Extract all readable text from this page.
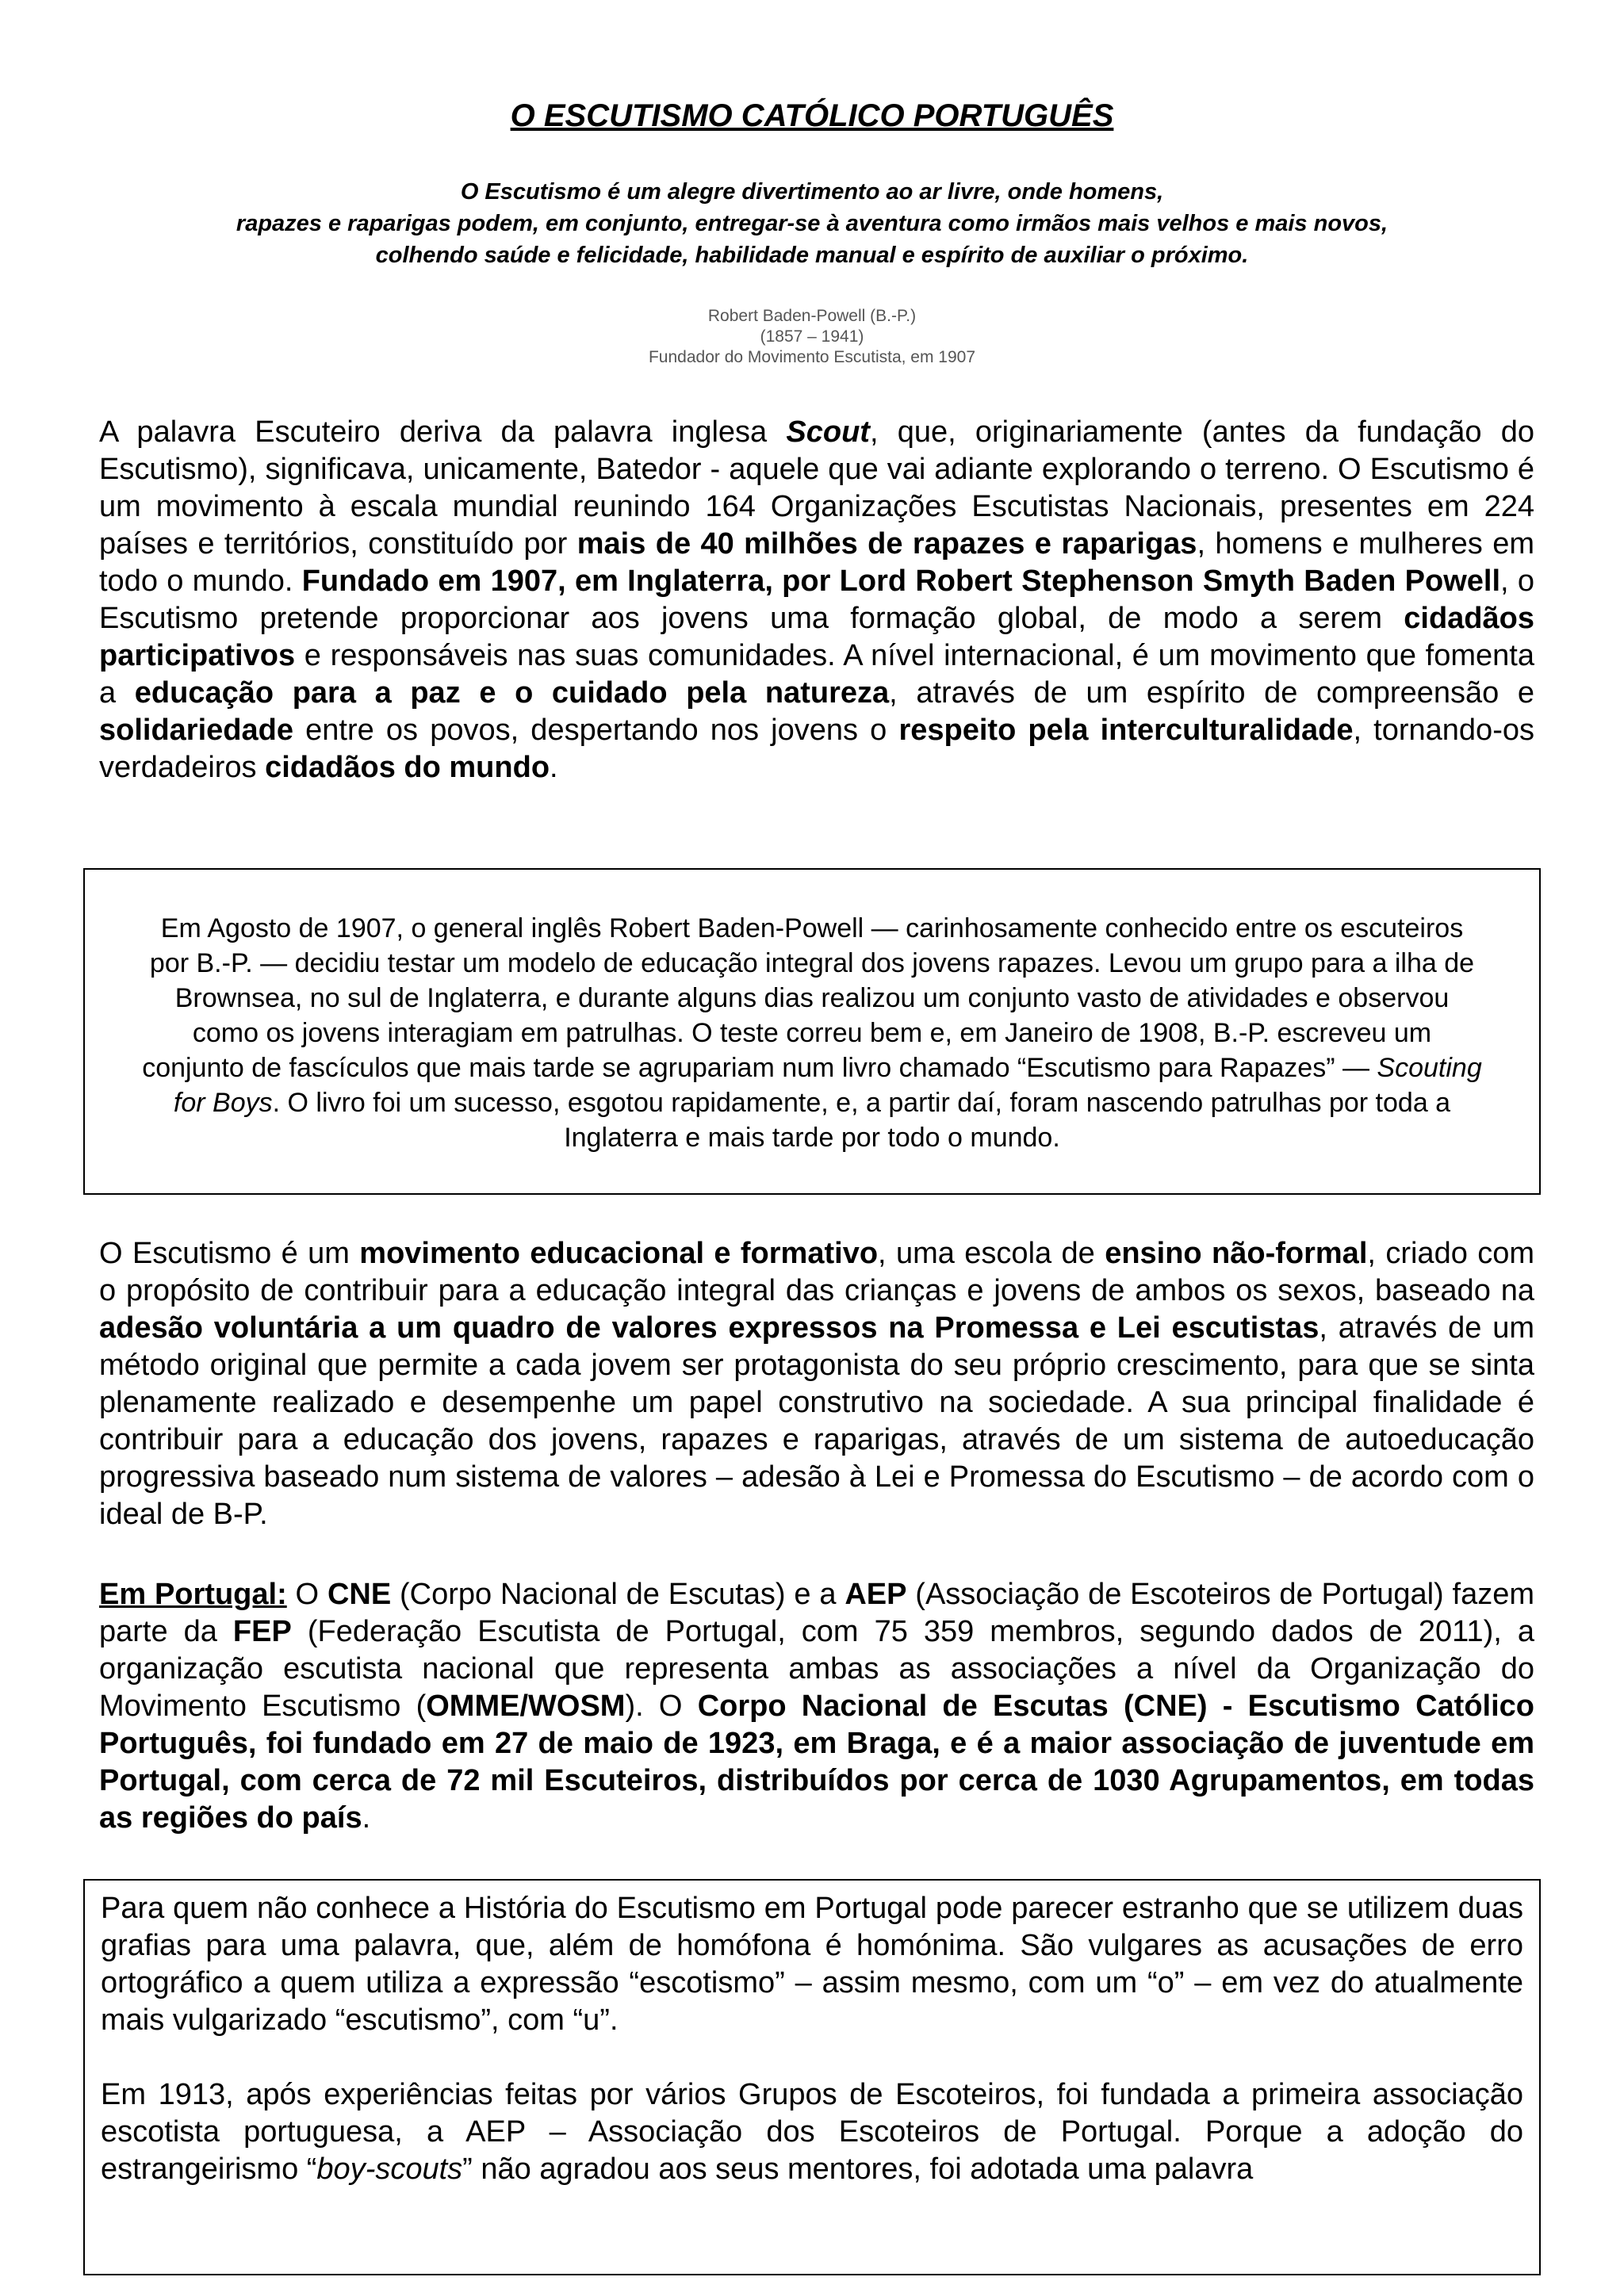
O ESCUTISMO CATÓLICO PORTUGUÊS
O Escutismo é um alegre divertimento ao ar livre, onde homens,
rapazes e raparigas podem, em conjunto, entregar-se à aventura como irmãos mais velhos e mais novos,
colhendo saúde e felicidade, habilidade manual e espírito de auxiliar o próximo.
Robert Baden-Powell (B.-P.)
(1857 – 1941)
Fundador do Movimento Escutista, em 1907
A palavra Escuteiro deriva da palavra inglesa Scout, que, originariamente (antes da fundação do Escutismo), significava, unicamente, Batedor - aquele que vai adiante explorando o terreno. O Escutismo é um movimento à escala mundial reunindo 164 Organizações Escutistas Nacionais, presentes em 224 países e territórios, constituído por mais de 40 milhões de rapazes e raparigas, homens e mulheres em todo o mundo. Fundado em 1907, em Inglaterra, por Lord Robert Stephenson Smyth Baden Powell, o Escutismo pretende proporcionar aos jovens uma formação global, de modo a serem cidadãos participativos e responsáveis nas suas comunidades. A nível internacional, é um movimento que fomenta a educação para a paz e o cuidado pela natureza, através de um espírito de compreensão e solidariedade entre os povos, despertando nos jovens o respeito pela interculturalidade, tornando-os verdadeiros cidadãos do mundo.
Em Agosto de 1907, o general inglês Robert Baden-Powell — carinhosamente conhecido entre os escuteiros por B.-P. — decidiu testar um modelo de educação integral dos jovens rapazes. Levou um grupo para a ilha de Brownsea, no sul de Inglaterra, e durante alguns dias realizou um conjunto vasto de atividades e observou como os jovens interagiam em patrulhas. O teste correu bem e, em Janeiro de 1908, B.-P. escreveu um conjunto de fascículos que mais tarde se agrupariam num livro chamado “Escutismo para Rapazes” — Scouting for Boys. O livro foi um sucesso, esgotou rapidamente, e, a partir daí, foram nascendo patrulhas por toda a Inglaterra e mais tarde por todo o mundo.
O Escutismo é um movimento educacional e formativo, uma escola de ensino não-formal, criado com o propósito de contribuir para a educação integral das crianças e jovens de ambos os sexos, baseado na adesão voluntária a um quadro de valores expressos na Promessa e Lei escutistas, através de um método original que permite a cada jovem ser protagonista do seu próprio crescimento, para que se sinta plenamente realizado e desempenhe um papel construtivo na sociedade. A sua principal finalidade é contribuir para a educação dos jovens, rapazes e raparigas, através de um sistema de autoeducação progressiva baseado num sistema de valores – adesão à Lei e Promessa do Escutismo – de acordo com o ideal de B-P.
Em Portugal: O CNE (Corpo Nacional de Escutas) e a AEP (Associação de Escoteiros de Portugal) fazem parte da FEP (Federação Escutista de Portugal, com 75 359 membros, segundo dados de 2011), a organização escutista nacional que representa ambas as associações a nível da Organização do Movimento Escutismo (OMME/WOSM). O Corpo Nacional de Escutas (CNE) - Escutismo Católico Português, foi fundado em 27 de maio de 1923, em Braga, e é a maior associação de juventude em Portugal, com cerca de 72 mil Escuteiros, distribuídos por cerca de 1030 Agrupamentos, em todas as regiões do país.

Para quem não conhece a História do Escutismo em Portugal pode parecer estranho que se utilizem duas grafias para uma palavra, que, além de homófona é homónima. São vulgares as acusações de erro ortográfico a quem utiliza a expressão “escotismo” – assim mesmo, com um “o” – em vez do atualmente mais vulgarizado “escutismo”, com “u”.

Em 1913, após experiências feitas por vários Grupos de Escoteiros, foi fundada a primeira associação escotista portuguesa, a AEP – Associação dos Escoteiros de Portugal. Porque a adoção do estrangeirismo “boy-scouts” não agradou aos seus mentores, foi adotada uma palavra
